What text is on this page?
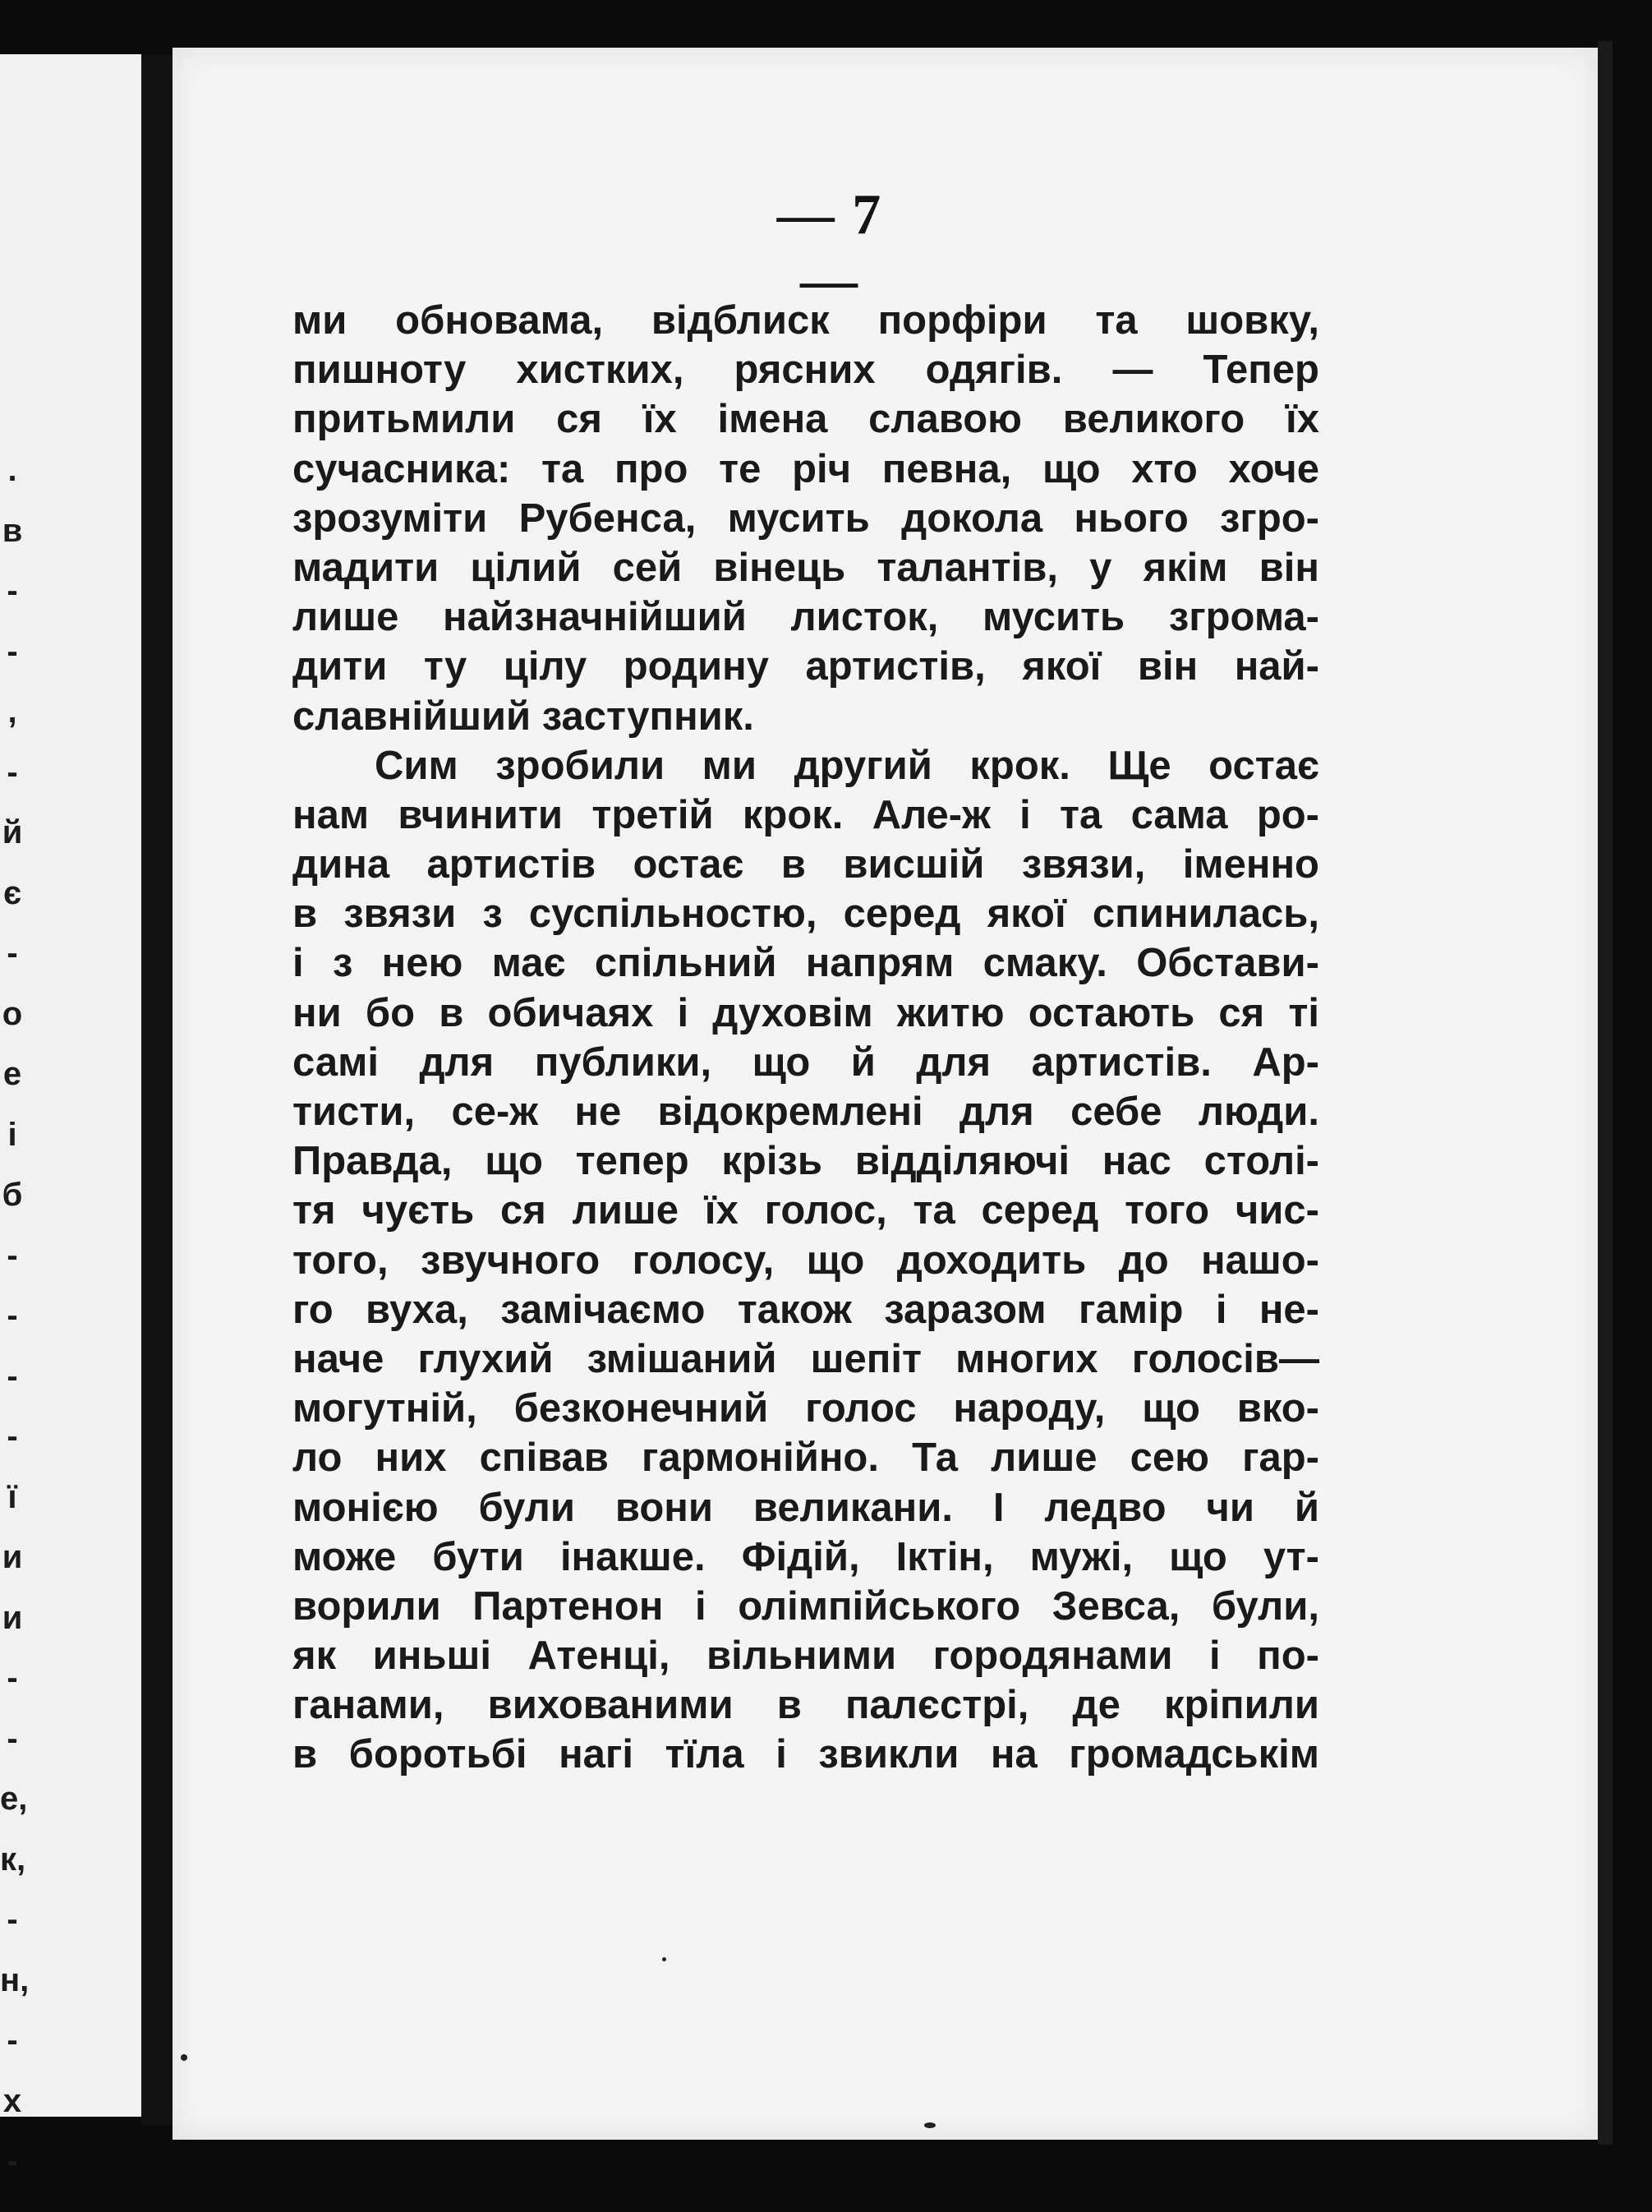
.
в
-
-
,
-
й
є
-
о
е
і
б
-
-
-
-
ї
и
и
-
-
е,
к,
-
н,
-
х
-
— 7 —
ми обновама, відблиск порфіри та шовку,
пишноту хистких, рясних одягів. — Тепер
притьмили ся їх імена славою великого їх
сучасника: та про те річ певна, що хто хоче
зрозуміти Рубенса, мусить докола нього згро-
мадити цілий сей вінець талантів, у якім він
лише найзначнійший листок, мусить згрома-
дити ту цілу родину артистів, якої він най-
славнійший заступник.
Сим зробили ми другий крок. Ще остає
нам вчинити третій крок. Але-ж і та сама ро-
дина артистів остає в висшій звязи, іменно
в звязи з суспільностю, серед якої спинилась,
і з нею має спільний напрям смаку. Обстави-
ни бо в обичаях і духовім житю остають ся ті
самі для публики, що й для артистів. Ар-
тисти, се-ж не відокремлені для себе люди.
Правда, що тепер крізь відділяючі нас столі-
тя чуєть ся лише їх голос, та серед того чис-
того, звучного голосу, що доходить до нашо-
го вуха, замічаємо також заразом гамір і не-
наче глухий змішаний шепіт многих голосів—
могутній, безконечний голос народу, що вко-
ло них співав гармонійно. Та лише сею гар-
монією були вони великани. І ледво чи й
може бути інакше. Фідій, Іктін, мужі, що ут-
ворили Партенон і олімпійського Зевса, були,
як иньші Атенці, вільними городянами і по-
ганами, вихованими в палєстрі, де кріпили
в боротьбі нагі тїла і звикли на громадськім
